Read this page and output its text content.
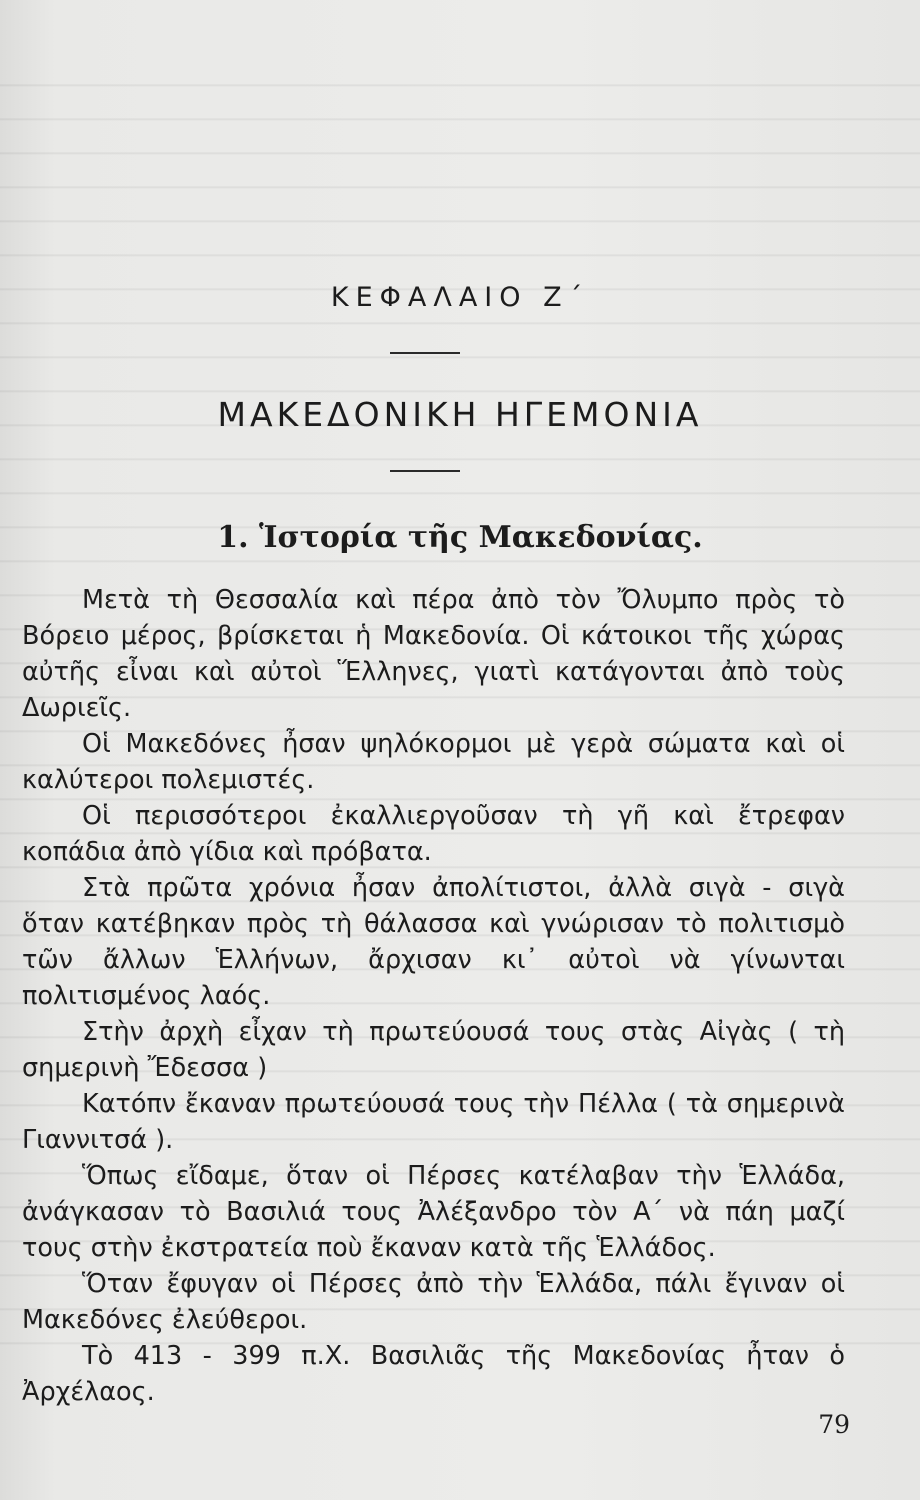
ΚΕΦΑΛΑΙΟ Ζ΄
ΜΑΚΕΔΟΝΙΚΗ ΗΓΕΜΟΝΙΑ
1. Ἱστορία τῆς Μακεδονίας.

Μετὰ τὴ Θεσσαλία καὶ πέρα ἀπὸ τὸν Ὄλυμπο πρὸς τὸ Βόρειο μέρος, βρίσκεται ἡ Μακεδονία. Οἱ κάτοικοι τῆς χώρας αὐτῆς εἶναι καὶ αὐτοὶ Ἕλληνες, γιατὶ κατάγονται ἀπὸ τοὺς Δωριεῖς.

Οἱ Μακεδόνες ἦσαν ψηλόκορμοι μὲ γερὰ σώματα καὶ οἱ καλύτεροι πολεμιστές.

Οἱ περισσότεροι ἐκαλλιεργοῦσαν τὴ γῆ καὶ ἔτρεφαν κοπάδια ἀπὸ γίδια καὶ πρόβατα.

Στὰ πρῶτα χρόνια ἦσαν ἀπολίτιστοι, ἀλλὰ σιγὰ - σιγὰ ὅταν κατέβηκαν πρὸς τὴ θάλασσα καὶ γνώρισαν τὸ πολιτισμὸ τῶν ἄλλων Ἑλλήνων, ἄρχισαν κι᾽ αὐτοὶ νὰ γίνωνται πολιτισμένος λαός.

Στὴν ἀρχὴ εἶχαν τὴ πρωτεύουσά τους στὰς Αἰγὰς ( τὴ σημερινὴ Ἔδεσσα )

Κατόπν ἔκαναν πρωτεύουσά τους τὴν Πέλλα ( τὰ σημερινὰ Γιαννιτσά ).

Ὅπως εἴδαμε, ὅταν οἱ Πέρσες κατέλαβαν τὴν Ἑλλάδα, ἀνάγκασαν τὸ Βασιλιά τους Ἀλέξανδρο τὸν Α΄ νὰ πάη μαζί τους στὴν ἐκστρατεία ποὺ ἔκαναν κατὰ τῆς Ἑλλάδος.

Ὅταν ἔφυγαν οἱ Πέρσες ἀπὸ τὴν Ἑλλάδα, πάλι ἔγιναν οἱ Μακεδόνες ἐλεύθεροι.

Τὸ 413 - 399 π.Χ. Βασιλιᾶς τῆς Μακεδονίας ἦταν ὁ Ἀρχέλαος.

79
